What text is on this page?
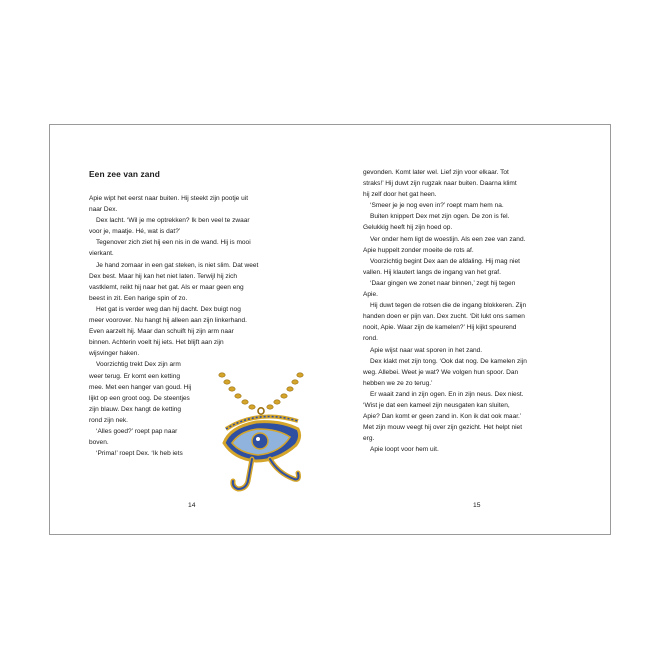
Een zee van zand
Apie wipt het eerst naar buiten. Hij steekt zijn pootje uit
naar Dex.
Dex lacht. ‘Wil je me optrekken? Ik ben veel te zwaar
voor je, maatje. Hé, wat is dat?’
Tegenover zich ziet hij een nis in de wand. Hij is mooi
vierkant.
Je hand zomaar in een gat steken, is niet slim. Dat weet
Dex best. Maar hij kan het niet laten. Terwijl hij zich
vastklemt, reikt hij naar het gat. Als er maar geen eng
beest in zit. Een harige spin of zo.
Het gat is verder weg dan hij dacht. Dex buigt nog
meer voorover. Nu hangt hij alleen aan zijn linkerhand.
Even aarzelt hij. Maar dan schuift hij zijn arm naar
binnen. Achterin voelt hij iets. Het blijft aan zijn
wijsvinger haken.
Voorzichtig trekt Dex zijn arm
weer terug. Er komt een ketting
mee. Met een hanger van goud. Hij
lijkt op een groot oog. De steentjes
zijn blauw. Dex hangt de ketting
rond zijn nek.
‘Alles goed?’ roept pap naar
boven.
‘Prima!’ roept Dex. ‘Ik heb iets
14
gevonden. Komt later wel. Lief zijn voor elkaar. Tot
straks!’ Hij duwt zijn rugzak naar buiten. Daarna klimt
hij zelf door het gat heen.
‘Smeer je je nog even in?’ roept mam hem na.
Buiten knippert Dex met zijn ogen. De zon is fel.
Gelukkig heeft hij zijn hoed op.
Ver onder hem ligt de woestijn. Als een zee van zand.
Apie huppelt zonder moeite de rots af.
Voorzichtig begint Dex aan de afdaling. Hij mag niet
vallen. Hij klautert langs de ingang van het graf.
‘Daar gingen we zonet naar binnen,’ zegt hij tegen
Apie.
Hij duwt tegen de rotsen die de ingang blokkeren. Zijn
handen doen er pijn van. Dex zucht. ‘Dit lukt ons samen
nooit, Apie. Waar zijn de kamelen?’ Hij kijkt speurend
rond.
Apie wijst naar wat sporen in het zand.
Dex klakt met zijn tong. ‘Ook dat nog. De kamelen zijn
weg. Allebei. Weet je wat? We volgen hun spoor. Dan
hebben we ze zo terug.’
Er waait zand in zijn ogen. En in zijn neus. Dex niest.
‘Wist je dat een kameel zijn neusgaten kan sluiten,
Apie? Dan komt er geen zand in. Kon ik dat ook maar.’
Met zijn mouw veegt hij over zijn gezicht. Het helpt niet
erg.
Apie loopt voor hem uit.
15
